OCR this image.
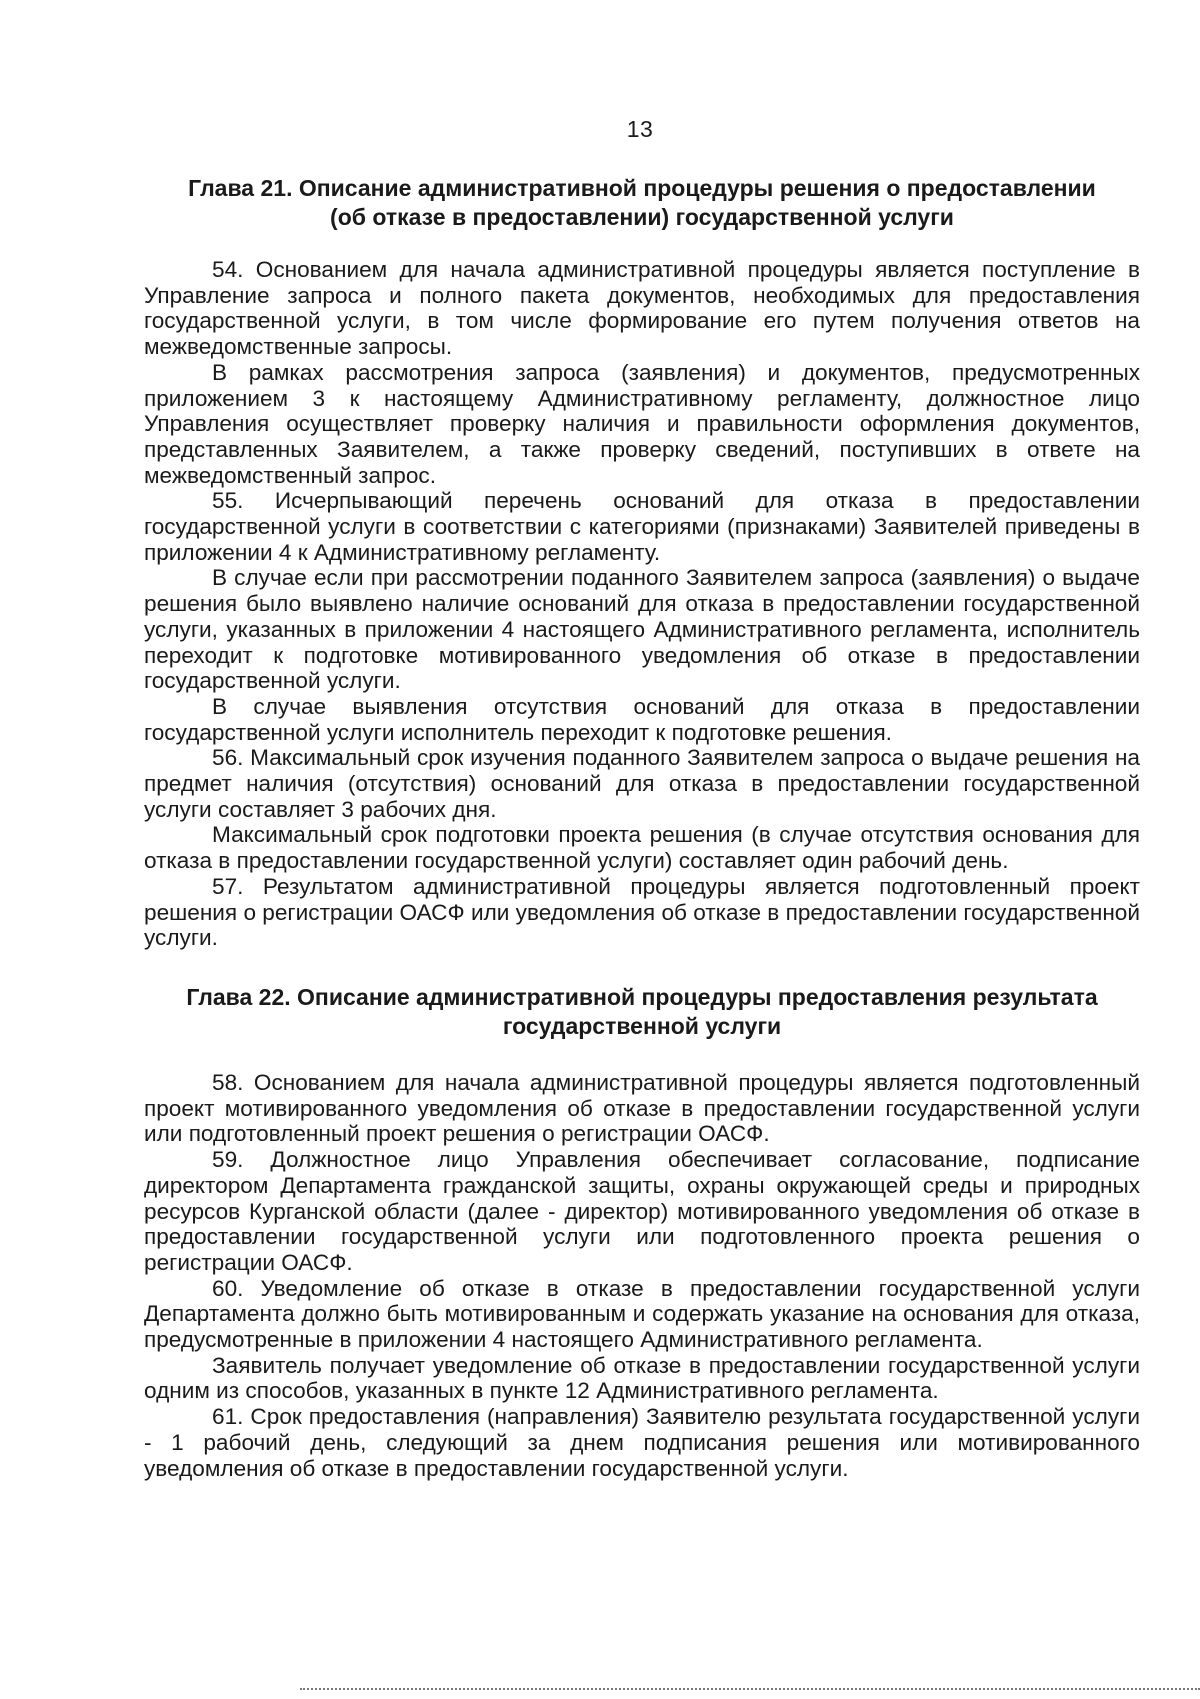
13
Глава 21. Описание административной процедуры решения о предоставлении
(об отказе в предоставлении) государственной услуги

54. Основанием для начала административной процедуры является поступление в Управление запроса и полного пакета документов, необходимых для предоставления государственной услуги, в том числе формирование его путем получения ответов на межведомственные запросы.

В рамках рассмотрения запроса (заявления) и документов, предусмотренных приложением 3 к настоящему Административному регламенту, должностное лицо Управления осуществляет проверку наличия и правильности оформления документов, представленных Заявителем, а также проверку сведений, поступивших в ответе на межведомственный запрос.

55. Исчерпывающий перечень оснований для отказа в предоставлении государственной услуги в соответствии с категориями (признаками) Заявителей приведены в приложении 4 к Административному регламенту.

В случае если при рассмотрении поданного Заявителем запроса (заявления) о выдаче решения было выявлено наличие оснований для отказа в предоставлении государственной услуги, указанных в приложении 4 настоящего Административного регламента, исполнитель переходит к подготовке мотивированного уведомления об отказе в предоставлении государственной услуги.

В случае выявления отсутствия оснований для отказа в предоставлении государственной услуги исполнитель переходит к подготовке решения.

56. Максимальный срок изучения поданного Заявителем запроса о выдаче решения на предмет наличия (отсутствия) оснований для отказа в предоставлении государственной услуги составляет 3 рабочих дня.

Максимальный срок подготовки проекта решения (в случае отсутствия основания для отказа в предоставлении государственной услуги) составляет один рабочий день.

57. Результатом административной процедуры является подготовленный проект решения о регистрации ОАСФ или уведомления об отказе в предоставлении государственной услуги.

Глава 22. Описание административной процедуры предоставления результата
государственной услуги

58. Основанием для начала административной процедуры является подготовленный проект мотивированного уведомления об отказе в предоставлении государственной услуги или подготовленный проект решения о регистрации ОАСФ.

59. Должностное лицо Управления обеспечивает согласование, подписание директором Департамента гражданской защиты, охраны окружающей среды и природных ресурсов Курганской области (далее - директор) мотивированного уведомления об отказе в предоставлении государственной услуги или подготовленного проекта решения о регистрации ОАСФ.

60. Уведомление об отказе в отказе в предоставлении государственной услуги Департамента должно быть мотивированным и содержать указание на основания для отказа, предусмотренные в приложении 4 настоящего Административного регламента.

Заявитель получает уведомление об отказе в предоставлении государственной услуги одним из способов, указанных в пункте 12 Административного регламента.

61. Срок предоставления (направления) Заявителю результата государственной услуги - 1 рабочий день, следующий за днем подписания решения или мотивированного уведомления об отказе в предоставлении государственной услуги.
